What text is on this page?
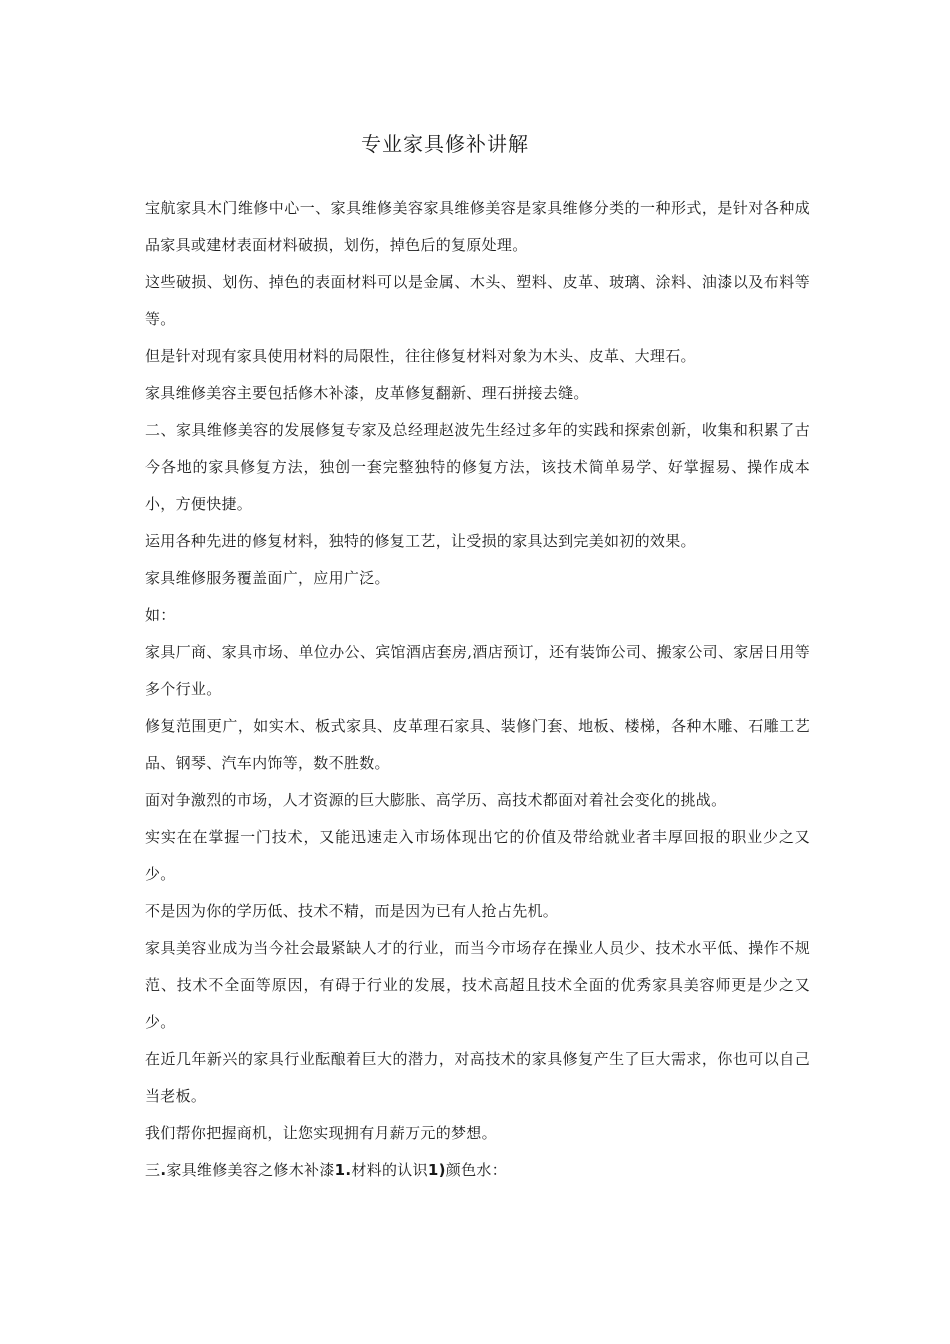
专业家具修补讲解

宝航家具木门维修中心一、家具维修美容家具维修美容是家具维修分类的一种形式，是针对各种成品家具或建材表面材料破损，划伤，掉色后的复原处理。

这些破损、划伤、掉色的表面材料可以是金属、木头、塑料、皮革、玻璃、涂料、油漆以及布料等等。

但是针对现有家具使用材料的局限性，往往修复材料对象为木头、皮革、大理石。

家具维修美容主要包括修木补漆，皮革修复翻新、理石拼接去缝。

二、家具维修美容的发展修复专家及总经理赵波先生经过多年的实践和探索创新，收集和积累了古今各地的家具修复方法，独创一套完整独特的修复方法，该技术简单易学、好掌握易、操作成本小，方便快捷。

运用各种先进的修复材料，独特的修复工艺，让受损的家具达到完美如初的效果。

家具维修服务覆盖面广，应用广泛。

如：

家具厂商、家具市场、单位办公、宾馆酒店套房,酒店预订，还有装饰公司、搬家公司、家居日用等多个行业。

修复范围更广，如实木、板式家具、皮革理石家具、装修门套、地板、楼梯，各种木雕、石雕工艺品、钢琴、汽车内饰等，数不胜数。

面对争激烈的市场，人才资源的巨大膨胀、高学历、高技术都面对着社会变化的挑战。

实实在在掌握一门技术，又能迅速走入市场体现出它的价值及带给就业者丰厚回报的职业少之又少。

不是因为你的学历低、技术不精，而是因为已有人抢占先机。

家具美容业成为当今社会最紧缺人才的行业，而当今市场存在操业人员少、技术水平低、操作不规范、技术不全面等原因，有碍于行业的发展，技术高超且技术全面的优秀家具美容师更是少之又少。

在近几年新兴的家具行业酝酿着巨大的潜力，对高技术的家具修复产生了巨大需求，你也可以自己当老板。

我们帮你把握商机，让您实现拥有月薪万元的梦想。

三.家具维修美容之修木补漆1.材料的认识1)颜色水：
